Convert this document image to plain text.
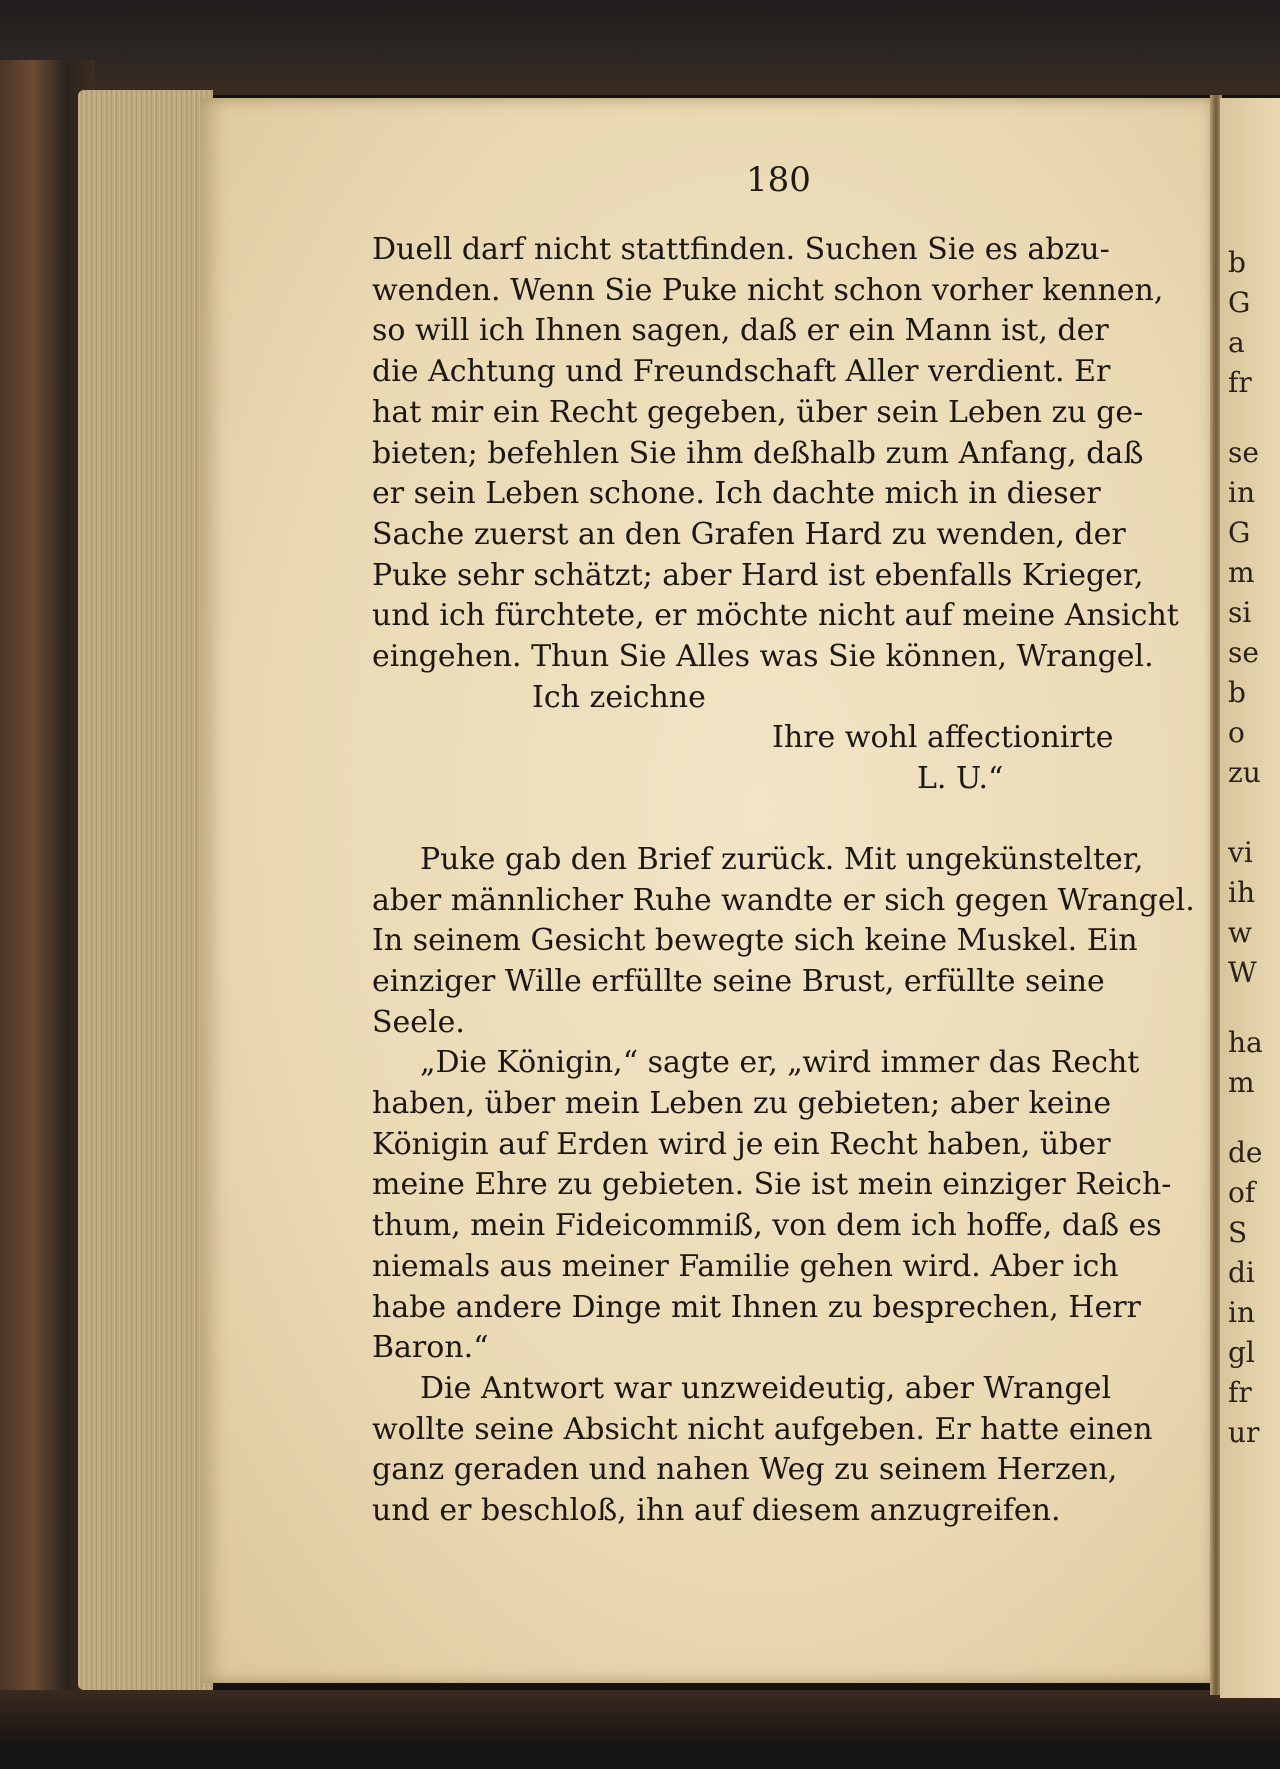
b
G
a
fr
se
in
G
m
si
se
b
o
zu
vi
ih
w
W
ha
m
de
of
S
di
in
gl
fr
ur
180
Duell darf nicht stattfinden. Suchen Sie es abzu-
wenden. Wenn Sie Puke nicht schon vorher kennen,
so will ich Ihnen sagen, daß er ein Mann ist, der
die Achtung und Freundschaft Aller verdient. Er
hat mir ein Recht gegeben, über sein Leben zu ge-
bieten; befehlen Sie ihm deßhalb zum Anfang, daß
er sein Leben schone. Ich dachte mich in dieser
Sache zuerst an den Grafen Hard zu wenden, der
Puke sehr schätzt; aber Hard ist ebenfalls Krieger,
und ich fürchtete, er möchte nicht auf meine Ansicht
eingehen. Thun Sie Alles was Sie können, Wrangel.
Ich zeichne
Ihre wohl affectionirte
L. U.“
Puke gab den Brief zurück. Mit ungekünstelter,
aber männlicher Ruhe wandte er sich gegen Wrangel.
In seinem Gesicht bewegte sich keine Muskel. Ein
einziger Wille erfüllte seine Brust, erfüllte seine
Seele.
„Die Königin,“ sagte er, „wird immer das Recht
haben, über mein Leben zu gebieten; aber keine
Königin auf Erden wird je ein Recht haben, über
meine Ehre zu gebieten. Sie ist mein einziger Reich-
thum, mein Fideicommiß, von dem ich hoffe, daß es
niemals aus meiner Familie gehen wird. Aber ich
habe andere Dinge mit Ihnen zu besprechen, Herr
Baron.“
Die Antwort war unzweideutig, aber Wrangel
wollte seine Absicht nicht aufgeben. Er hatte einen
ganz geraden und nahen Weg zu seinem Herzen,
und er beschloß, ihn auf diesem anzugreifen.
